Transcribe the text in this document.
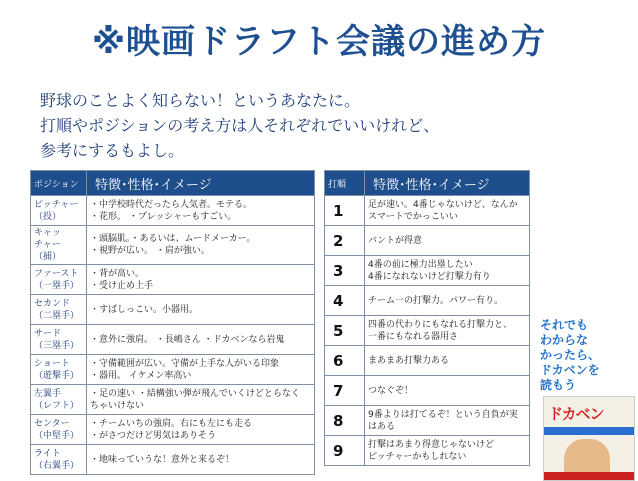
※映画ドラフト会議の進め方
野球のことよく知らない！というあなたに。
打順やポジションの考え方は人それぞれでいいけれど、
参考にするもよし。
ポジション	特徴･性格･イメージ
ピッチャー
（投）	・中学校時代だったら人気者。モテる。
・花形。 ・プレッシャーもすごい。
キャッ
チャー（捕）	・頭脳肌。・あるいは、ムードメーカー。
・視野が広い。 ・肩が強い。
ファースト
（一塁手）	・背が高い。
・受け止め上手
セカンド
（二塁手）	・すばしっこい。小器用。
サード
（三塁手）	・意外に強肩。 ・長嶋さん ・ドカベンなら岩鬼
ショート
（遊撃手）	・守備範囲が広い。守備が上手な人がいる印象
・器用。 イケメン率高い
左翼手
（レフト）	・足の速い ・結構強い弾が飛んでいくけどとらなく
ちゃいけない
センター
（中堅手）	・チームいちの強肩。右にも左にも走る
・がさつだけど男気はありそう
ライト
（右翼手）	・地味っていうな！意外と来るぞ！
打順	特徴･性格･イメージ
1	足が速い。4番じゃないけど、なんか
スマートでかっこいい
2	バントが得意
3	4番の前に極力出塁したい
4番になれないけど打撃力有り
4	チーム一の打撃力。パワー有り。
5	四番の代わりにもなれる打撃力と、
一番にもなれる器用さ
6	まあまあ打撃力ある
7	つなぐぞ！
8	9番よりは打てるぞ！という自負が実
はある
9	打撃はあまり得意じゃないけど
ピッチャーかもしれない
それでも
わからな
かったら、
ドカベンを
読もう
ドカベン
